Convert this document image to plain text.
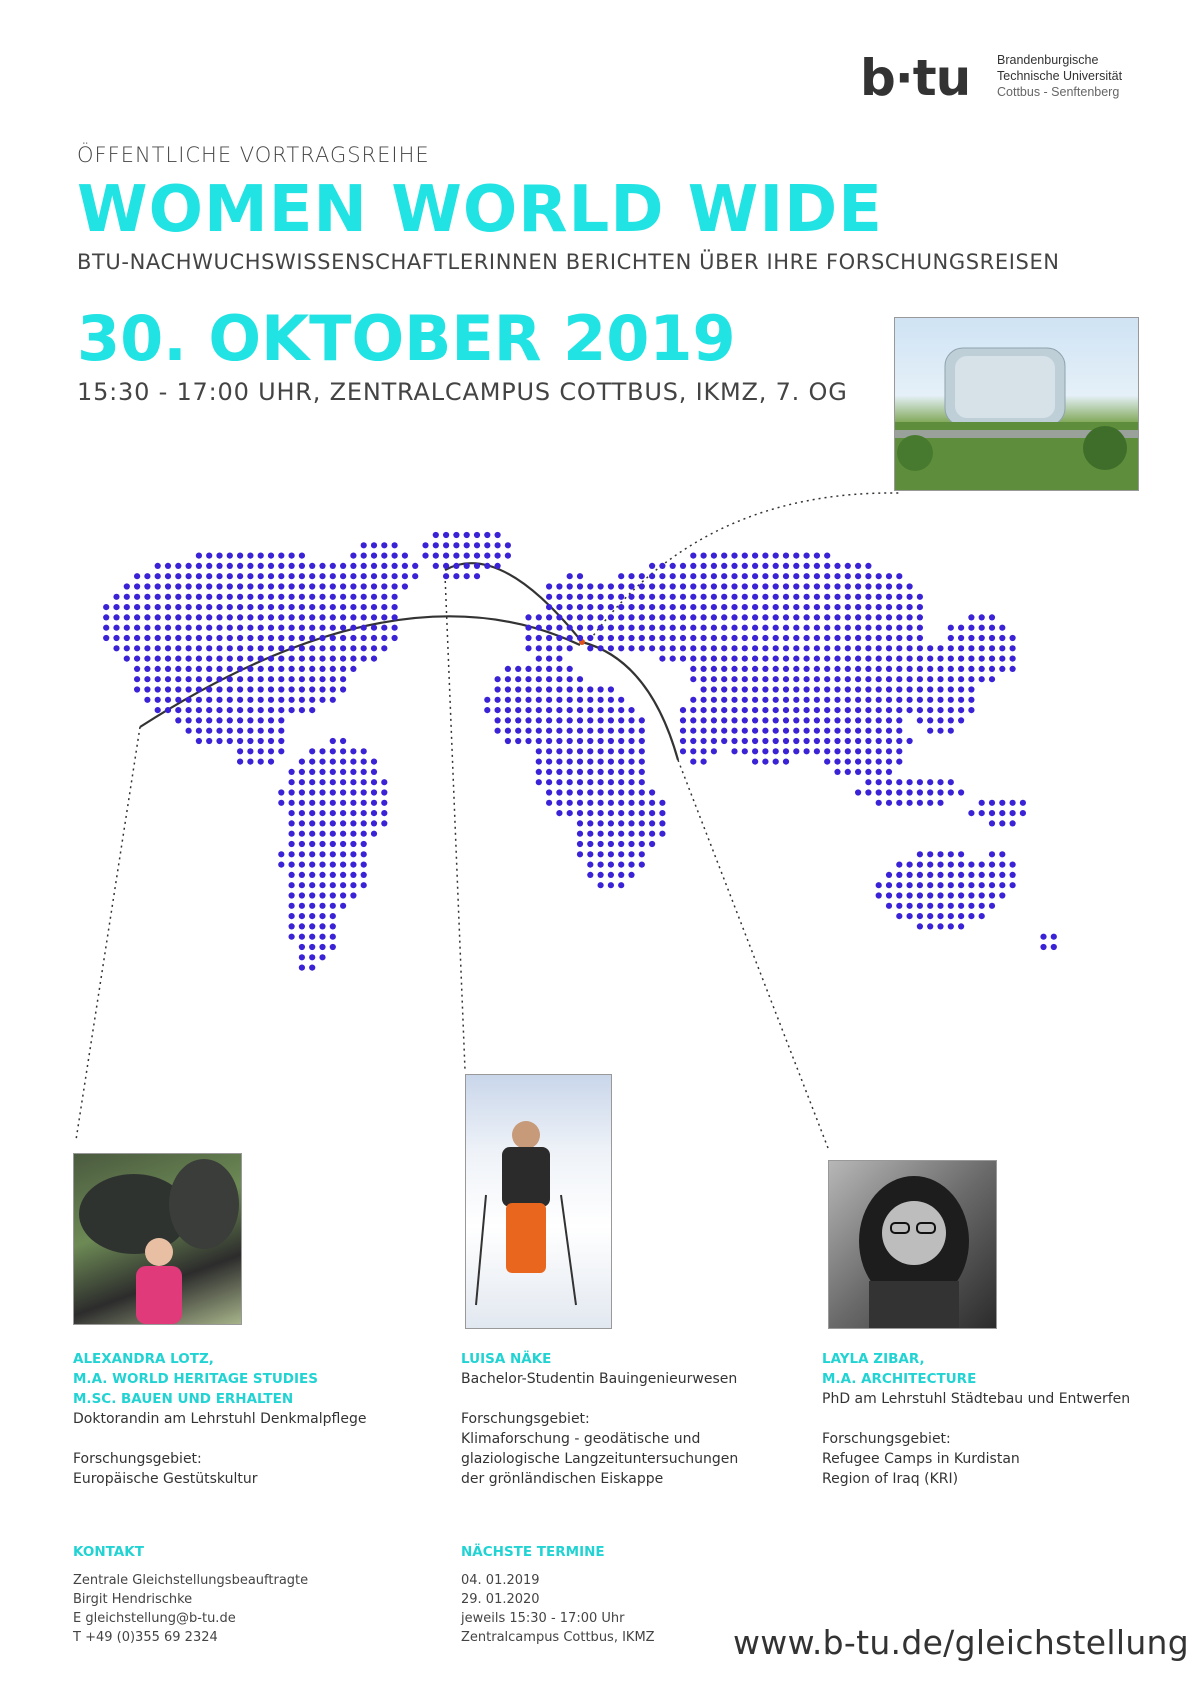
b·tu Brandenburgische
Technische Universität
Cottbus - Senftenberg
ÖFFENTLICHE VORTRAGSREIHE
WOMEN WORLD WIDE
BTU-NACHWUCHSWISSENSCHAFTLERINNEN BERICHTEN ÜBER IHRE FORSCHUNGSREISEN
30. OKTOBER 2019
15:30 - 17:00 UHR, ZENTRALCAMPUS COTTBUS, IKMZ, 7. OG
ALEXANDRA LOTZ,
M.A. WORLD HERITAGE STUDIES
M.SC. BAUEN UND ERHALTEN
Doktorandin am Lehrstuhl Denkmalpflege
Forschungsgebiet:
Europäische Gestütskultur
LUISA NÄKE
Bachelor-Studentin Bauingenieurwesen
Forschungsgebiet:
Klimaforschung - geodätische und
glaziologische Langzeituntersuchungen
der grönländischen Eiskappe
LAYLA ZIBAR,
M.A. ARCHITECTURE
PhD am Lehrstuhl Städtebau und Entwerfen
Forschungsgebiet:
Refugee Camps in Kurdistan
Region of Iraq (KRI)
KONTAKT
Zentrale Gleichstellungsbeauftragte
Birgit Hendrischke
E gleichstellung@b-tu.de
T +49 (0)355 69 2324
NÄCHSTE TERMINE
04. 01.2019
29. 01.2020
jeweils 15:30 - 17:00 Uhr
Zentralcampus Cottbus, IKMZ	www.b-tu.de/gleichstellung
